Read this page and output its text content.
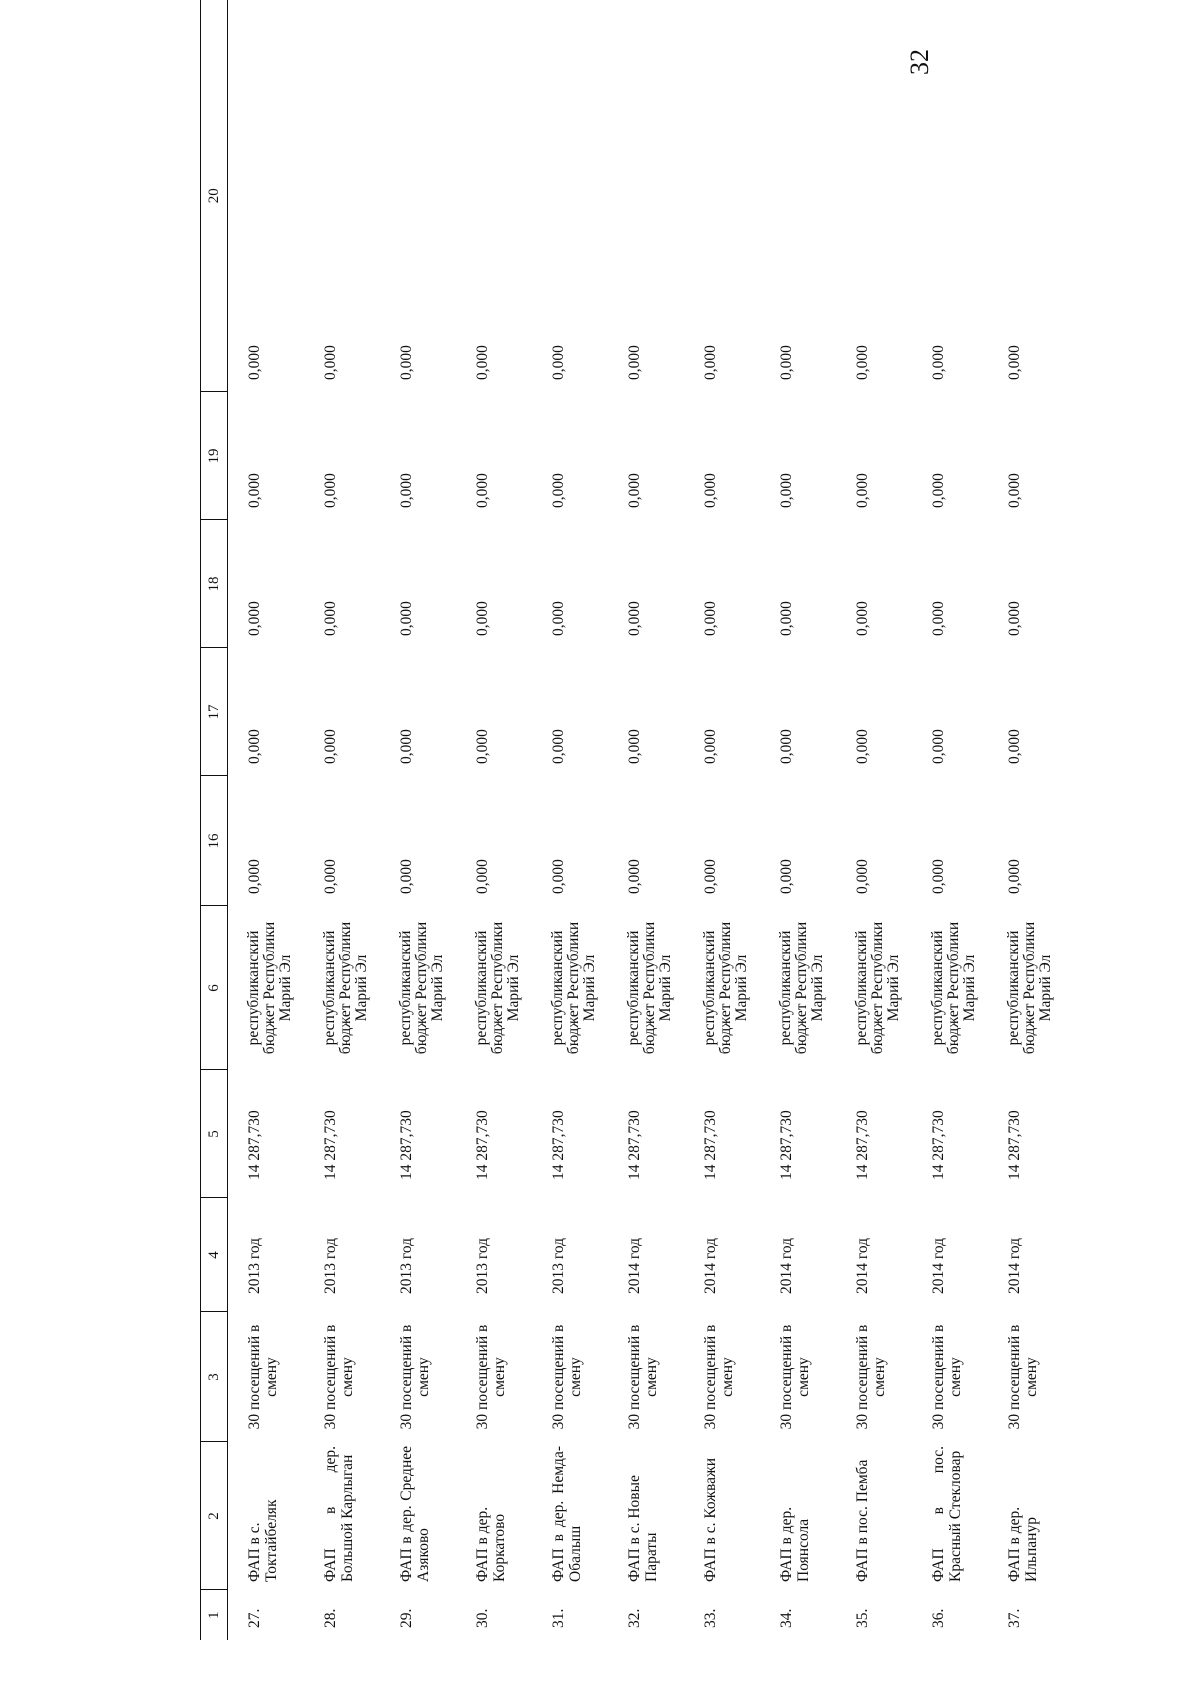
32
1	2	3	4	5	6	16	17	18	19	20
27.	ФАП в с. Токтайбеляк	30 посещений в смену	2013 год	14 287,730	республиканский бюджет Республики Марий Эл	0,000	0,000	0,000	0,000	0,000
28.	ФАП в дер. Большой Карлыган	30 посещений в смену	2013 год	14 287,730	республиканский бюджет Республики Марий Эл	0,000	0,000	0,000	0,000	0,000
29.	ФАП в дер. Среднее Азяково	30 посещений в смену	2013 год	14 287,730	республиканский бюджет Республики Марий Эл	0,000	0,000	0,000	0,000	0,000
30.	ФАП в дер. Коркатово	30 посещений в смену	2013 год	14 287,730	республиканский бюджет Республики Марий Эл	0,000	0,000	0,000	0,000	0,000
31.	ФАП в дер. Немда-Обалыш	30 посещений в смену	2013 год	14 287,730	республиканский бюджет Республики Марий Эл	0,000	0,000	0,000	0,000	0,000
32.	ФАП в с. Новые Параты	30 посещений в смену	2014 год	14 287,730	республиканский бюджет Республики Марий Эл	0,000	0,000	0,000	0,000	0,000
33.	ФАП в с. Кожважи	30 посещений в смену	2014 год	14 287,730	республиканский бюджет Республики Марий Эл	0,000	0,000	0,000	0,000	0,000
34.	ФАП в дер. Поянсола	30 посещений в смену	2014 год	14 287,730	республиканский бюджет Республики Марий Эл	0,000	0,000	0,000	0,000	0,000
35.	ФАП в пос. Пемба	30 посещений в смену	2014 год	14 287,730	республиканский бюджет Республики Марий Эл	0,000	0,000	0,000	0,000	0,000
36.	ФАП в пос. Красный Стекловар	30 посещений в смену	2014 год	14 287,730	республиканский бюджет Республики Марий Эл	0,000	0,000	0,000	0,000	0,000
37.	ФАП в дер. Ильпанур	30 посещений в смену	2014 год	14 287,730	республиканский бюджет Республики Марий Эл	0,000	0,000	0,000	0,000	0,000
